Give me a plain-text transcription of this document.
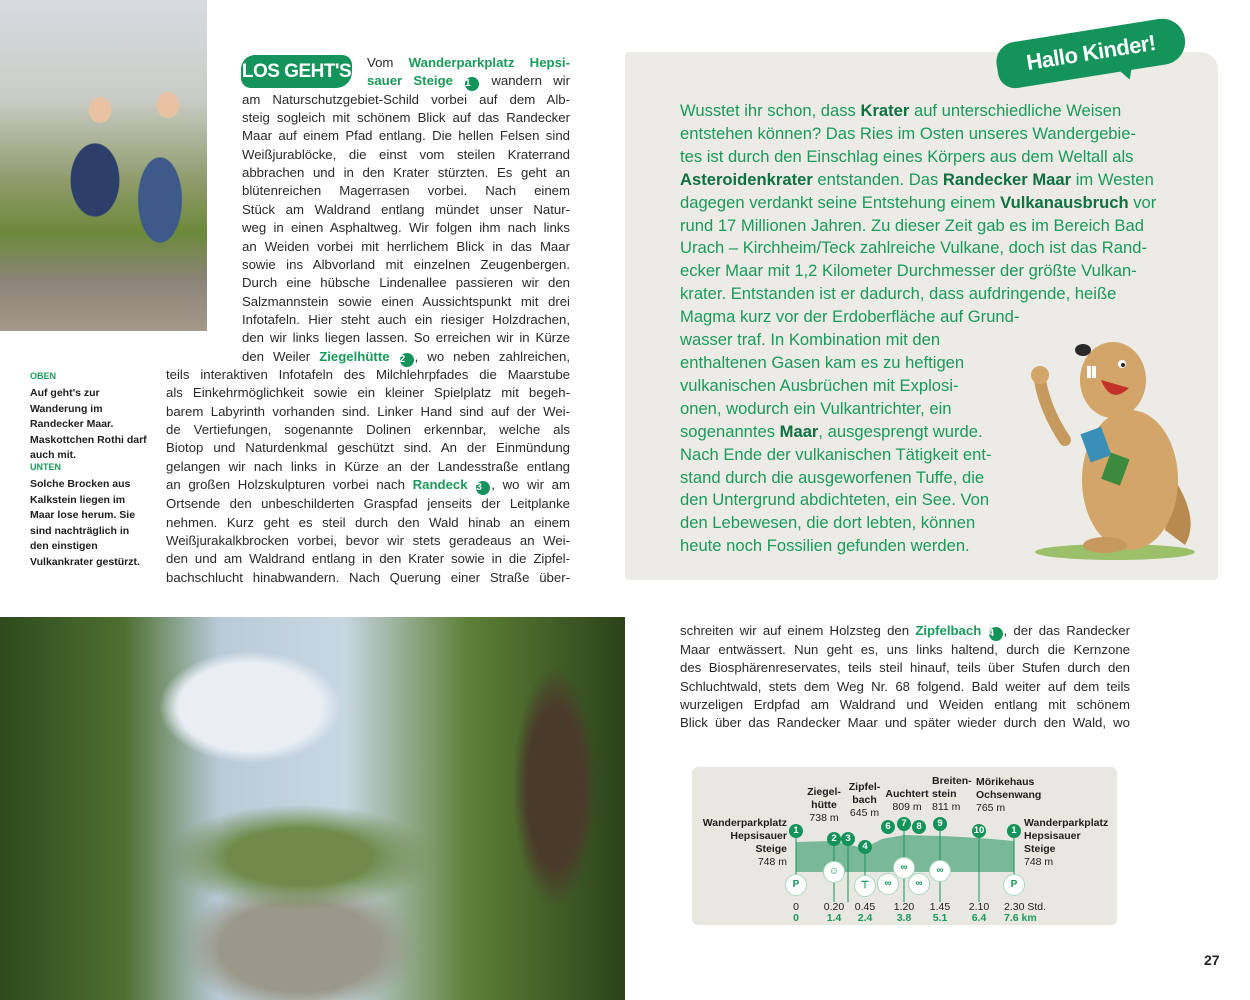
OBEN
Auf geht's zur Wanderung im Randecker Maar. Maskottchen Rothi darf auch mit.
UNTEN
Solche Brocken aus Kalkstein liegen im Maar lose herum. Sie sind nachträglich in den einstigen Vulkankrater gestürzt.
LOS GEHT'S Vom Wanderparkplatz Hepsi-
sauer Steige 1 wandern wir
am Naturschutzgebiet-Schild vorbei auf dem Alb-
steig sogleich mit schönem Blick auf das Randecker
Maar auf einem Pfad entlang. Die hellen Felsen sind
Weißjurablöcke, die einst vom steilen Kraterrand
abbrachen und in den Krater stürzten. Es geht an
blütenreichen Magerrasen vorbei. Nach einem
Stück am Waldrand entlang mündet unser Natur-
weg in einen Asphaltweg. Wir folgen ihm nach links
an Weiden vorbei mit herrlichem Blick in das Maar
sowie ins Albvorland mit einzelnen Zeugenbergen.
Durch eine hübsche Lindenallee passieren wir den
Salzmannstein sowie einen Aussichtspunkt mit drei
Infotafeln. Hier steht auch ein riesiger Holzdrachen,
den wir links liegen lassen. So erreichen wir in Kürze
den Weiler Ziegelhütte 2 , wo neben zahlreichen,
teils interaktiven Infotafeln des Milchlehrpfades die Maarstube
als Einkehrmöglichkeit sowie ein kleiner Spielplatz mit begeh-
barem Labyrinth vorhanden sind. Linker Hand sind auf der Wei-
de Vertiefungen, sogenannte Dolinen erkennbar, welche als
Biotop und Naturdenkmal geschützt sind. An der Einmündung
gelangen wir nach links in Kürze an der Landesstraße entlang
an großen Holzskulpturen vorbei nach Randeck 3 , wo wir am
Ortsende den unbeschilderten Graspfad jenseits der Leitplanke
nehmen. Kurz geht es steil durch den Wald hinab an einem
Weißjurakalkbrocken vorbei, bevor wir stets geradeaus an Wei-
den und am Waldrand entlang in den Krater sowie in die Zipfel-
bachschlucht hinabwandern. Nach Querung einer Straße über-
Hallo Kinder!
Wusstet ihr schon, dass Krater auf unterschiedliche Weisen
entstehen können? Das Ries im Osten unseres Wandergebie-
tes ist durch den Einschlag eines Körpers aus dem Weltall als
Asteroidenkrater entstanden. Das Randecker Maar im Westen
dagegen verdankt seine Entstehung einem Vulkanausbruch vor
rund 17 Millionen Jahren. Zu dieser Zeit gab es im Bereich Bad
Urach – Kirchheim/Teck zahlreiche Vulkane, doch ist das Rand-
ecker Maar mit 1,2 Kilometer Durchmesser der größte Vulkan-
krater. Entstanden ist er dadurch, dass aufdringende, heiße
Magma kurz vor der Erdoberfläche auf Grund-
wasser traf. In Kombination mit den
enthaltenen Gasen kam es zu heftigen
vulkanischen Ausbrüchen mit Explosi-
onen, wodurch ein Vulkantrichter, ein
sogenanntes Maar, ausgesprengt wurde.
Nach Ende der vulkanischen Tätigkeit ent-
stand durch die ausgeworfenen Tuffe, die
den Untergrund abdichteten, ein See. Von
den Lebewesen, die dort lebten, können
heute noch Fossilien gefunden werden.
schreiten wir auf einem Holzsteg den Zipfelbach 4 , der das Randecker
Maar entwässert. Nun geht es, uns links haltend, durch die Kernzone
des Biosphärenreservates, teils steil hinauf, teils über Stufen durch den
Schluchtwald, stets dem Weg Nr. 68 folgend. Bald weiter auf dem teils
wurzeligen Erdpfad am Waldrand und Weiden entlang mit schönem
Blick über das Randecker Maar und später wieder durch den Wald, wo
Wanderparkplatz
Hepsisauer
Steige
748 m
1
Ziegel-
hütte
738 m
Zipfel-
bach
645 m
Auchtert
809 m
Breiten-
stein
811 m
Mörikehaus
Ochsenwang
765 m
Wanderparkplatz
Hepsisauer
Steige
748 m
1
2 3
4
6	7	8	9
10
P
☺
⊤	∞
∞
∞
∞
P
0 0.20 0.45 1.20 1.45 2.10 2.30 Std.
0	1.4 2.4 3.8 5.1 6.4 7.6 km
27
